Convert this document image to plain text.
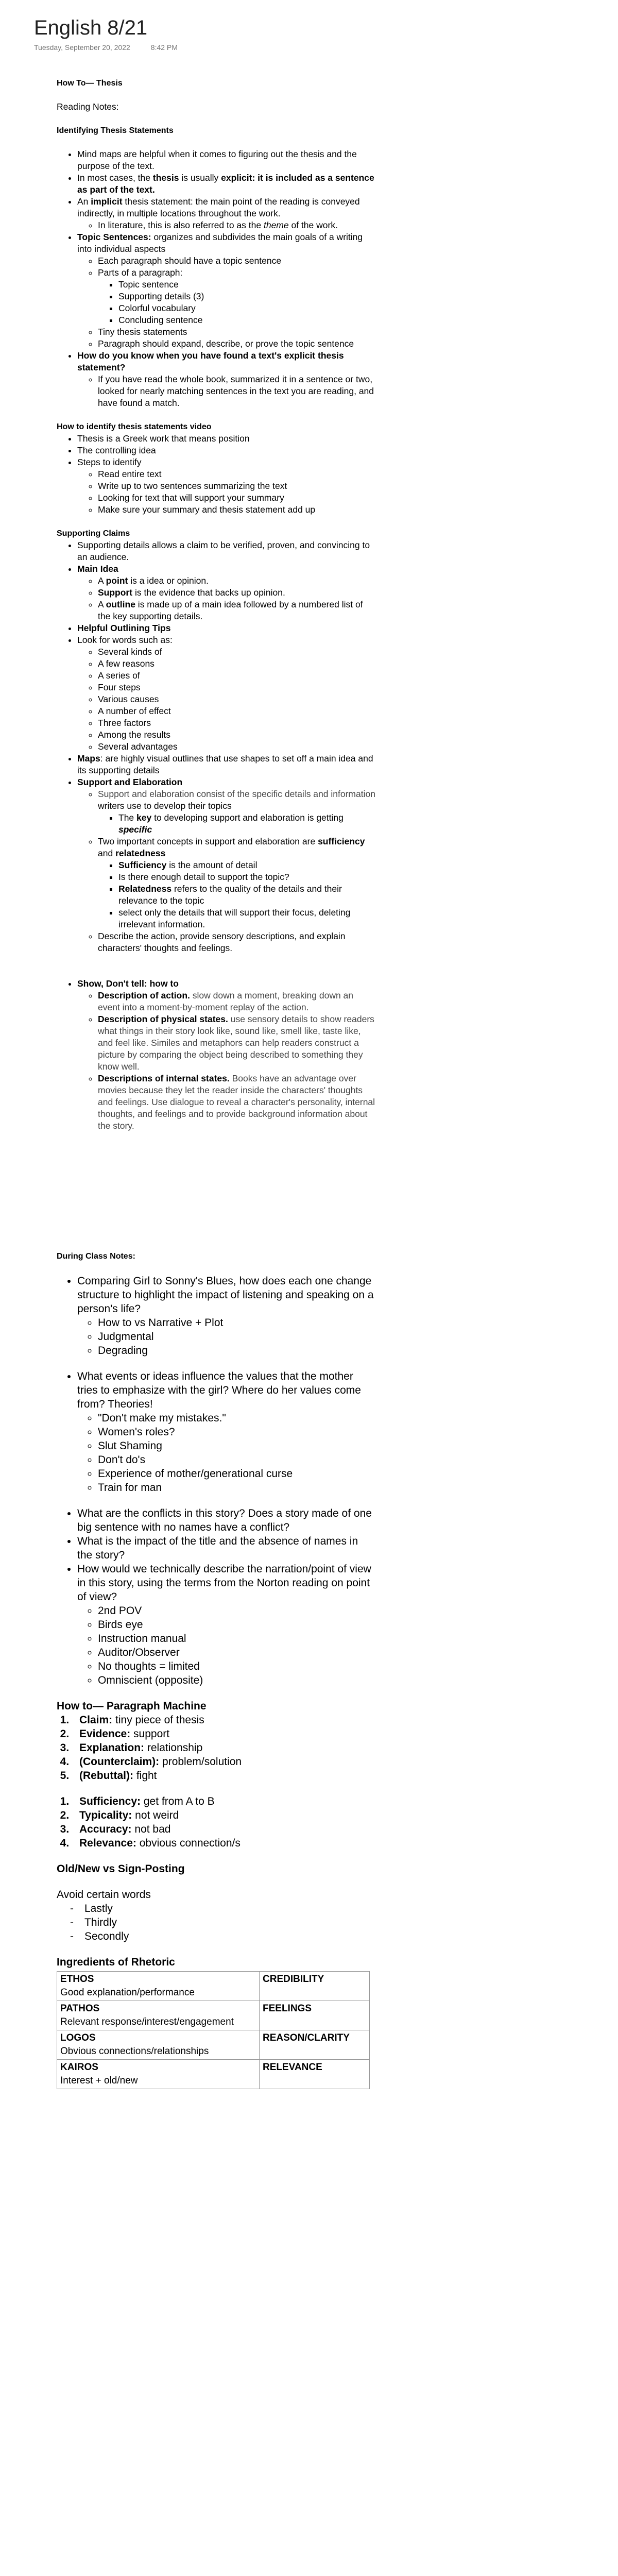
English 8/21
Tuesday, September 20, 2022	8:42 PM

How To— Thesis

Reading Notes:

Identifying Thesis Statements

• Mind maps are helpful when it comes to figuring out the thesis and the purpose of the text.
• In most cases, the thesis is usually explicit: it is included as a sentence as part of the text.
• An implicit thesis statement: the main point of the reading is conveyed indirectly, in multiple locations throughout the work.
◦ In literature, this is also referred to as the theme of the work.
• Topic Sentences: organizes and subdivides the main goals of a writing into individual aspects
◦ Each paragraph should have a topic sentence
◦ Parts of a paragraph:
▪ Topic sentence
▪ Supporting details (3)
▪ Colorful vocabulary
▪ Concluding sentence
◦ Tiny thesis statements
◦ Paragraph should expand, describe, or prove the topic sentence
• How do you know when you have found a text's explicit thesis statement?
◦ If you have read the whole book, summarized it in a sentence or two, looked for nearly matching sentences in the text you are reading, and have found a match.

How to identify thesis statements video

• Thesis is a Greek work that means position
• The controlling idea
• Steps to identify
◦ Read entire text
◦ Write up to two sentences summarizing the text
◦ Looking for text that will support your summary
◦ Make sure your summary and thesis statement add up

Supporting Claims

• Supporting details allows a claim to be verified, proven, and convincing to an audience.
• Main Idea
◦ A point is a idea or opinion.
◦ Support is the evidence that backs up opinion.
◦ A outline is made up of a main idea followed by a numbered list of the key supporting details.
• Helpful Outlining Tips
• Look for words such as:
◦ Several kinds of
◦ A few reasons
◦ A series of
◦ Four steps
◦ Various causes
◦ A number of effect
◦ Three factors
◦ Among the results
◦ Several advantages
• Maps: are highly visual outlines that use shapes to set off a main idea and its supporting details
• Support and Elaboration
◦ Support and elaboration consist of the specific details and information writers use to develop their topics
▪ The key to developing support and elaboration is getting specific
◦ Two important concepts in support and elaboration are sufficiency and relatedness
▪ Sufficiency is the amount of detail
▪ Is there enough detail to support the topic?
▪ Relatedness refers to the quality of the details and their relevance to the topic
▪ select only the details that will support their focus, deleting irrelevant information.
◦ Describe the action, provide sensory descriptions, and explain characters' thoughts and feelings.
• Show, Don't tell: how to
◦ Description of action. slow down a moment, breaking down an event into a moment-by-moment replay of the action.
◦ Description of physical states. use sensory details to show readers what things in their story look like, sound like, smell like, taste like, and feel like. Similes and metaphors can help readers construct a picture by comparing the object being described to something they know well.
◦ Descriptions of internal states. Books have an advantage over movies because they let the reader inside the characters' thoughts and feelings. Use dialogue to reveal a character's personality, internal thoughts, and feelings and to provide background information about the story.

During Class Notes:

• Comparing Girl to Sonny's Blues, how does each one change structure to highlight the impact of listening and speaking on a person's life?
◦ How to vs Narrative + Plot
◦ Judgmental
◦ Degrading
• What events or ideas influence the values that the mother tries to emphasize with the girl? Where do her values come from? Theories!
◦ "Don't make my mistakes."
◦ Women's roles?
◦ Slut Shaming
◦ Don't do's
◦ Experience of mother/generational curse
◦ Train for man
• What are the conflicts in this story? Does a story made of one big sentence with no names have a conflict?
• What is the impact of the title and the absence of names in the story?
• How would we technically describe the narration/point of view in this story, using the terms from the Norton reading on point of view?
◦ 2nd POV
◦ Birds eye
◦ Instruction manual
◦ Auditor/Observer
◦ No thoughts = limited
◦ Omniscient (opposite)

How to— Paragraph Machine

1. Claim: tiny piece of thesis
2. Evidence: support
3. Explanation: relationship
4. (Counterclaim): problem/solution
5. (Rebuttal): fight
1. Sufficiency: get from A to B
2. Typicality: not weird
3. Accuracy: not bad
4. Relevance: obvious connection/s

Old/New vs Sign-Posting

Avoid certain words

- Lastly
- Thirdly
- Secondly

Ingredients of Rhetoric

ETHOS
Good explanation/performance	CREDIBILITY

PATHOS
Relevant response/interest/engagement	FEELINGS

LOGOS
Obvious connections/relationships	REASON/CLARITY

KAIROS
Interest + old/new	RELEVANCE
